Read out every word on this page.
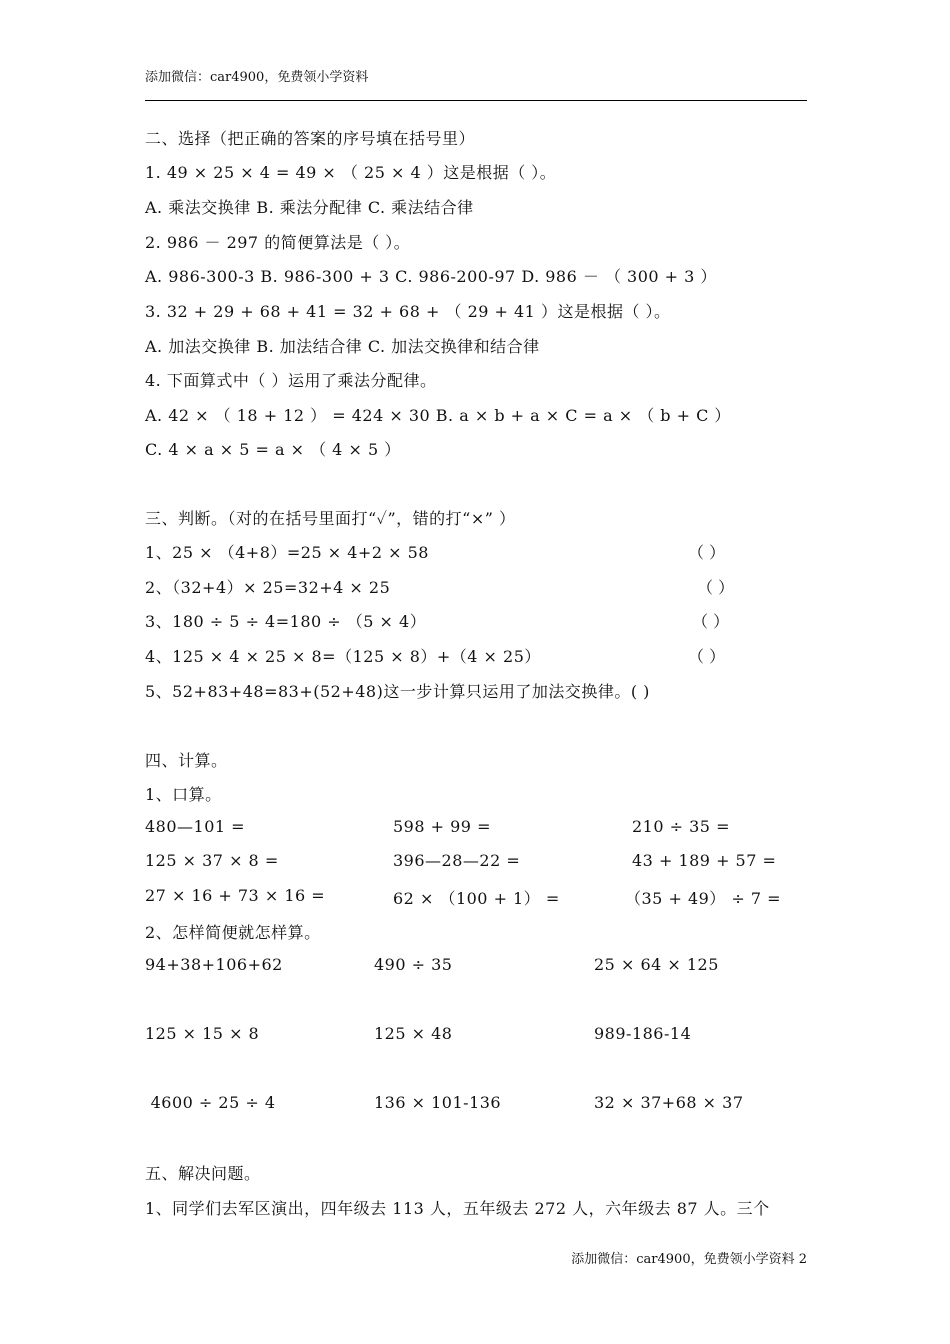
添加微信：car4900，免费领小学资料
二、选择（把正确的答案的序号填在括号里）
1. 49 × 25 × 4 = 49 × （ 25 × 4 ）这是根据（ ）。
A. 乘法交换律 B. 乘法分配律 C. 乘法结合律
2. 986 － 297 的简便算法是（ ）。
A. 986-300-3 B. 986-300 + 3 C. 986-200-97 D. 986 － （ 300 + 3 ）
3. 32 + 29 + 68 + 41 = 32 + 68 + （ 29 + 41 ）这是根据（ ）。
A. 加法交换律 B. 加法结合律 C. 加法交换律和结合律
4. 下面算式中（ ）运用了乘法分配律。
A. 42 × （ 18 + 12 ） = 424 × 30 B. a × b + a × C = a × （ b + C ）
C. 4 × a × 5 = a × （ 4 × 5 ）
三、判断。（对的在括号里面打“✓”，错的打“×” ）
1、25 × （4+8）=25 × 4+2 × 58	（ ）
2、（32+4）× 25=32+4 × 25	（ ）
3、180 ÷ 5 ÷ 4=180 ÷ （5 × 4）	（ ）
4、125 × 4 × 25 × 8=（125 × 8）+（4 × 25）	（ ）
5、52+83+48=83+(52+48)这一步计算只运用了加法交换律。( )
四、计算。
1、口算。
480—101 =	598 + 99 =	210 ÷ 35 =
125 × 37 × 8 =	396—28—22 =	43 + 189 + 57 =
27 × 16 + 73 × 16 =	62 × （100 + 1） =	（35 + 49） ÷ 7 =
2、怎样简便就怎样算。
94+38+106+62	490 ÷ 35	25 × 64 × 125
125 × 15 × 8	125 × 48	989-186-14
4600 ÷ 25 ÷ 4	136 × 101-136	32 × 37+68 × 37
五、解决问题。
1、同学们去军区演出，四年级去 113 人，五年级去 272 人，六年级去 87 人。三个
添加微信：car4900，免费领小学资料 2
